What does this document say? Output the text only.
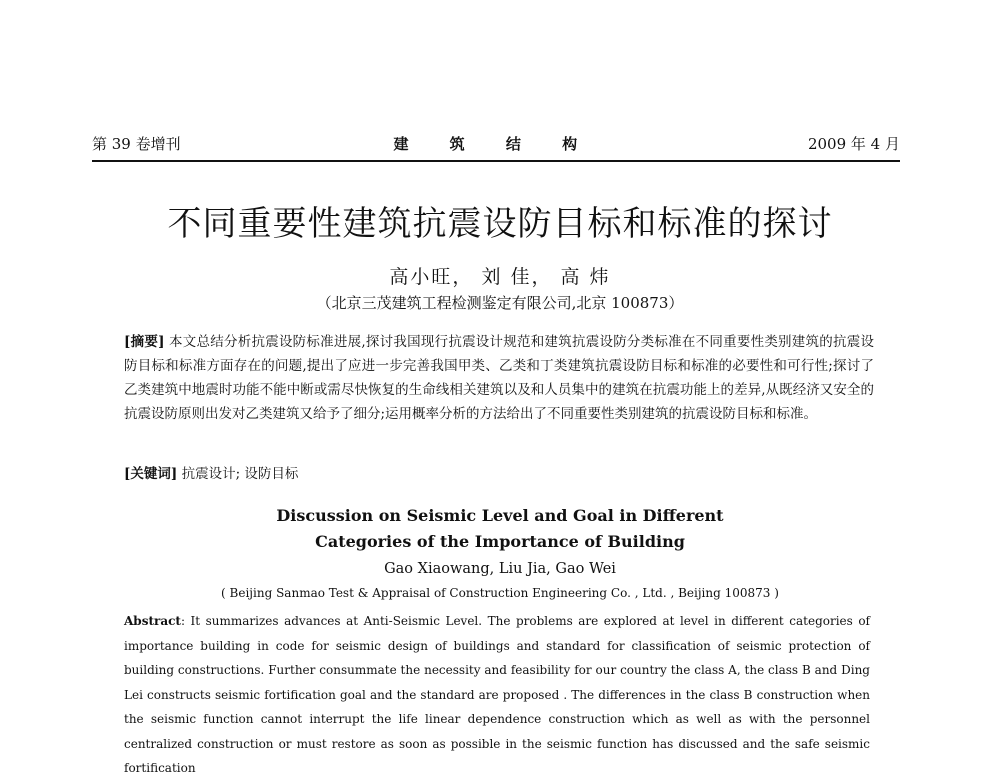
第 39 卷增刊	建 筑 结 构	2009 年 4 月
不同重要性建筑抗震设防目标和标准的探讨
高小旺， 刘 佳， 高 炜
（北京三茂建筑工程检测鉴定有限公司,北京 100873）
[摘要] 本文总结分析抗震设防标准进展,探讨我国现行抗震设计规范和建筑抗震设防分类标准在不同重要性类别建筑的抗震设防目标和标准方面存在的问题,提出了应进一步完善我国甲类、乙类和丁类建筑抗震设防目标和标准的必要性和可行性;探讨了乙类建筑中地震时功能不能中断或需尽快恢复的生命线相关建筑以及和人员集中的建筑在抗震功能上的差异,从既经济又安全的抗震设防原则出发对乙类建筑又给予了细分;运用概率分析的方法给出了不同重要性类别建筑的抗震设防目标和标准。
[关键词] 抗震设计; 设防目标
Discussion on Seismic Level and Goal in Different
Categories of the Importance of Building
Gao Xiaowang, Liu Jia, Gao Wei
( Beijing Sanmao Test & Appraisal of Construction Engineering Co. , Ltd. , Beijing 100873 )
Abstract: It summarizes advances at Anti-Seismic Level. The problems are explored at level in different categories of importance building in code for seismic design of buildings and standard for classification of seismic protection of building constructions. Further consummate the necessity and feasibility for our country the class A, the class B and Ding Lei constructs seismic fortification goal and the standard are proposed . The differences in the class B construction when the seismic function cannot interrupt the life linear dependence construction which as well as with the personnel centralized construction or must restore as soon as possible in the seismic function has discussed and the safe seismic fortification
